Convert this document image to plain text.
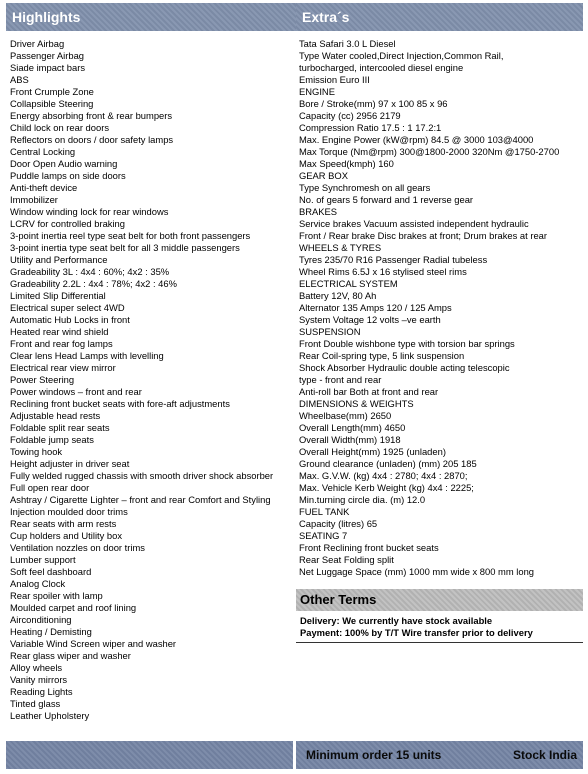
Highlights
Driver Airbag
Passenger Airbag
Siade impact bars
ABS
Front Crumple Zone
Collapsible Steering
Energy absorbing front & rear bumpers
Child lock on rear doors
Reflectors on doors / door safety lamps
Central Locking
Door Open Audio warning
Puddle lamps on side doors
Anti-theft device
Immobilizer
Window winding lock for rear windows
LCRV for controlled braking
3-point inertia reel type seat belt for both front passengers
3-point inertia type seat belt for all 3 middle passengers
Utility and Performance
Gradeability 3L : 4x4 : 60%; 4x2 : 35%
Gradeability 2.2L : 4x4 : 78%; 4x2 : 46%
Limited Slip Differential
Electrical super select 4WD
Automatic Hub Locks in front
Heated rear wind shield
Front and rear fog lamps
Clear lens Head Lamps with levelling
Electrical rear view mirror
Power Steering
Power windows – front and rear
Reclining front bucket seats with fore-aft adjustments
Adjustable head rests
Foldable split rear seats
Foldable jump seats
Towing hook
Height adjuster in driver seat
Fully welded rugged chassis with smooth driver shock absorber
Full open rear door
Ashtray / Cigarette Lighter – front and rear Comfort and Styling
Injection moulded door trims
Rear seats with arm rests
Cup holders and Utility box
Ventilation nozzles on door trims
Lumber support
Soft feel dashboard
Analog Clock
Rear spoiler with lamp
Moulded carpet and roof lining
Airconditioning
Heating / Demisting
Variable Wind Screen wiper and washer
Rear glass wiper and washer
Alloy wheels
Vanity mirrors
Reading Lights
Tinted glass
Leather Upholstery
Extra´s
Tata Safari 3.0 L Diesel
Type Water cooled,Direct Injection,Common Rail,
turbocharged, intercooled diesel engine
Emission Euro III
ENGINE
Bore / Stroke(mm) 97 x 100 85 x 96
Capacity (cc) 2956 2179
Compression Ratio 17.5 : 1 17.2:1
Max. Engine Power (kW@rpm) 84.5 @ 3000 103@4000
Max Torque (Nm@rpm) 300@1800-2000 320Nm @1750-2700
Max Speed(kmph) 160
GEAR BOX
Type Synchromesh on all gears
No. of gears 5 forward and 1 reverse gear
BRAKES
Service brakes Vacuum assisted independent hydraulic
Front / Rear brake Disc brakes at front; Drum brakes at rear
WHEELS & TYRES
Tyres 235/70 R16 Passenger Radial tubeless
Wheel Rims 6.5J x 16 stylised steel rims
ELECTRICAL SYSTEM
Battery 12V, 80 Ah
Alternator 135 Amps 120 / 125 Amps
System Voltage 12 volts –ve earth
SUSPENSION
Front Double wishbone type with torsion bar springs
Rear Coil-spring type, 5 link suspension
Shock Absorber Hydraulic double acting telescopic
type - front and rear
Anti-roll bar Both at front and rear
DIMENSIONS & WEIGHTS
Wheelbase(mm) 2650
Overall Length(mm) 4650
Overall Width(mm) 1918
Overall Height(mm) 1925 (unladen)
Ground clearance (unladen) (mm) 205 185
Max. G.V.W. (kg) 4x4 : 2780; 4x4 : 2870;
Max. Vehicle Kerb Weight (kg) 4x4 : 2225;
Min.turning circle dia. (m) 12.0
FUEL TANK
Capacity (litres) 65
SEATING 7
Front Reclining front bucket seats
Rear Seat Folding split
Net Luggage Space (mm) 1000 mm wide x 800 mm long
Other Terms
Delivery: We currently have stock available
Payment: 100% by T/T Wire transfer prior to delivery
Minimum order 15 units	Stock India
